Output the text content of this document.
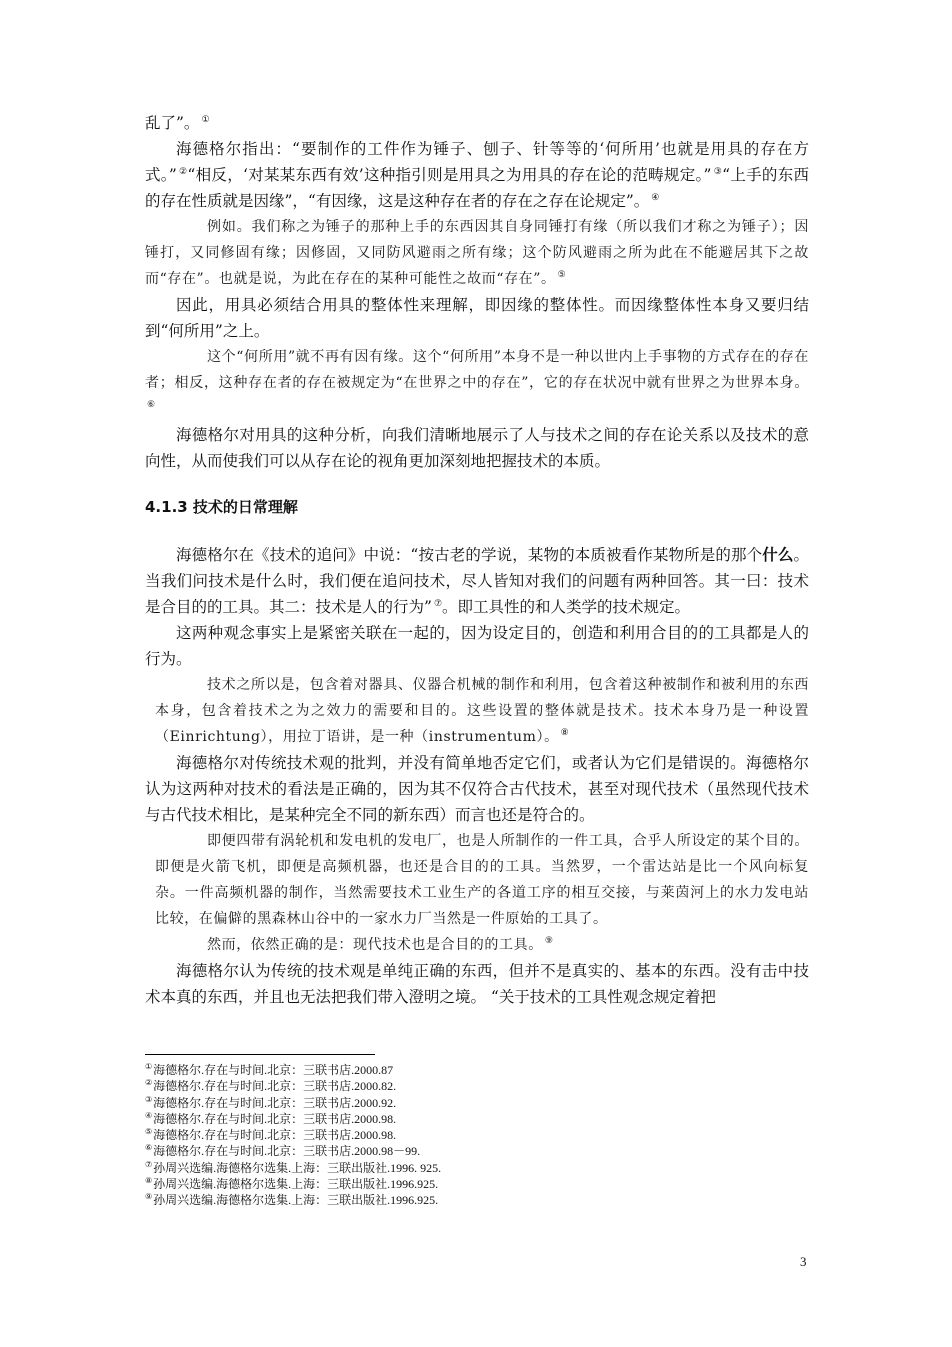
乱了”。 ①

海德格尔指出：“要制作的工件作为锤子、刨子、针等等的‘何所用’也就是用具的存在方式。” ②“相反，‘对某某东西有效’这种指引则是用具之为用具的存在论的范畴规定。” ③“上手的东西的存在性质就是因缘”，“有因缘，这是这种存在者的存在之存在论规定”。 ④

例如。我们称之为锤子的那种上手的东西因其自身同锤打有缘（所以我们才称之为锤子）；因锤打，又同修固有缘；因修固，又同防风避雨之所有缘；这个防风避雨之所为此在不能避居其下之故而“存在”。也就是说，为此在存在的某种可能性之故而“存在”。 ⑤

因此，用具必须结合用具的整体性来理解，即因缘的整体性。而因缘整体性本身又要归结到“何所用”之上。

这个“何所用”就不再有因有缘。这个“何所用”本身不是一种以世内上手事物的方式存在的存在者；相反，这种存在者的存在被规定为“在世界之中的存在”，它的存在状况中就有世界之为世界本身。⑥

海德格尔对用具的这种分析，向我们清晰地展示了人与技术之间的存在论关系以及技术的意向性，从而使我们可以从存在论的视角更加深刻地把握技术的本质。

4.1.3 技术的日常理解

海德格尔在《技术的追问》中说：“按古老的学说，某物的本质被看作某物所是的那个什么。当我们问技术是什么时，我们便在追问技术，尽人皆知对我们的问题有两种回答。其一曰：技术是合目的的工具。其二：技术是人的行为” ⑦。即工具性的和人类学的技术规定。

这两种观念事实上是紧密关联在一起的，因为设定目的，创造和利用合目的的工具都是人的行为。

技术之所以是，包含着对器具、仪器合机械的制作和利用，包含着这种被制作和被利用的东西本身，包含着技术之为之效力的需要和目的。这些设置的整体就是技术。技术本身乃是一种设置（Einrichtung），用拉丁语讲，是一种（instrumentum）。 ⑧

海德格尔对传统技术观的批判，并没有简单地否定它们，或者认为它们是错误的。海德格尔认为这两种对技术的看法是正确的，因为其不仅符合古代技术，甚至对现代技术（虽然现代技术与古代技术相比，是某种完全不同的新东西）而言也还是符合的。

即便四带有涡轮机和发电机的发电厂，也是人所制作的一件工具，合乎人所设定的某个目的。即便是火箭飞机，即便是高频机器，也还是合目的的工具。当然罗，一个雷达站是比一个风向标复杂。一件高频机器的制作，当然需要技术工业生产的各道工序的相互交接，与莱茵河上的水力发电站比较，在偏僻的黑森林山谷中的一家水力厂当然是一件原始的工具了。

然而，依然正确的是：现代技术也是合目的的工具。 ⑨

海德格尔认为传统的技术观是单纯正确的东西，但并不是真实的、基本的东西。没有击中技术本真的东西，并且也无法把我们带入澄明之境。 “关于技术的工具性观念规定着把

①海德格尔.存在与时间.北京：三联书店.2000.87
②海德格尔.存在与时间.北京：三联书店.2000.82.
③海德格尔.存在与时间.北京：三联书店.2000.92.
④海德格尔.存在与时间.北京：三联书店.2000.98.
⑤海德格尔.存在与时间.北京：三联书店.2000.98.
⑥海德格尔.存在与时间.北京：三联书店.2000.98－99.
⑦孙周兴选编.海德格尔选集.上海：三联出版社.1996. 925.
⑧孙周兴选编.海德格尔选集.上海：三联出版社.1996.925.
⑨孙周兴选编.海德格尔选集.上海：三联出版社.1996.925.
3
